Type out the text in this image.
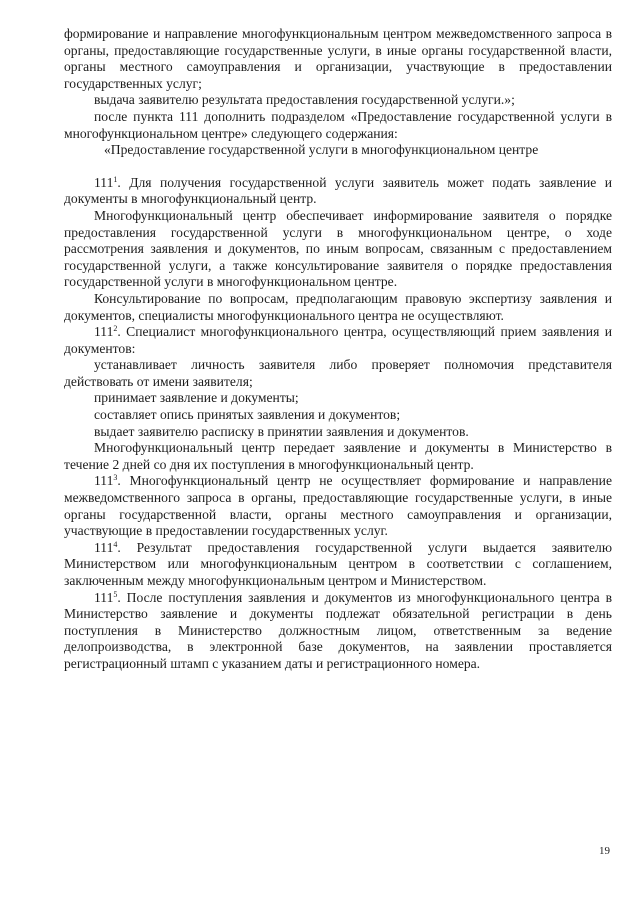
формирование и направление многофункциональным центром межведомственного запроса в органы, предоставляющие государственные услуги, в иные органы государственной власти, органы местного самоуправления и организации, участвующие в предоставлении государственных услуг;

выдача заявителю результата предоставления государственной услуги.»;

после пункта 111 дополнить подразделом «Предоставление государственной услуги в многофункциональном центре» следующего содержания:

«Предоставление государственной услуги в многофункциональном центре

$111^1$. Для получения государственной услуги заявитель может подать заявление и документы в многофункциональный центр.

Многофункциональный центр обеспечивает информирование заявителя о порядке предоставления государственной услуги в многофункциональном центре, о ходе рассмотрения заявления и документов, по иным вопросам, связанным с предоставлением государственной услуги, а также консультирование заявителя о порядке предоставления государственной услуги в многофункциональном центре.

Консультирование по вопросам, предполагающим правовую экспертизу заявления и документов, специалисты многофункционального центра не осуществляют.

$111^2$. Специалист многофункционального центра, осуществляющий прием заявления и документов:

устанавливает личность заявителя либо проверяет полномочия представителя действовать от имени заявителя;

принимает заявление и документы;

составляет опись принятых заявления и документов;

выдает заявителю расписку в принятии заявления и документов.

Многофункциональный центр передает заявление и документы в Министерство в течение 2 дней со дня их поступления в многофункциональный центр.

$111^3$. Многофункциональный центр не осуществляет формирование и направление межведомственного запроса в органы, предоставляющие государственные услуги, в иные органы государственной власти, органы местного самоуправления и организации, участвующие в предоставлении государственных услуг.

$111^4$. Результат предоставления государственной услуги выдается заявителю Министерством или многофункциональным центром в соответствии с соглашением, заключенным между многофункциональным центром и Министерством.

$111^5$. После поступления заявления и документов из многофункционального центра в Министерство заявление и документы подлежат обязательной регистрации в день поступления в Министерство должностным лицом, ответственным за ведение делопроизводства, в электронной базе документов, на заявлении проставляется регистрационный штамп с указанием даты и регистрационного номера.

19
